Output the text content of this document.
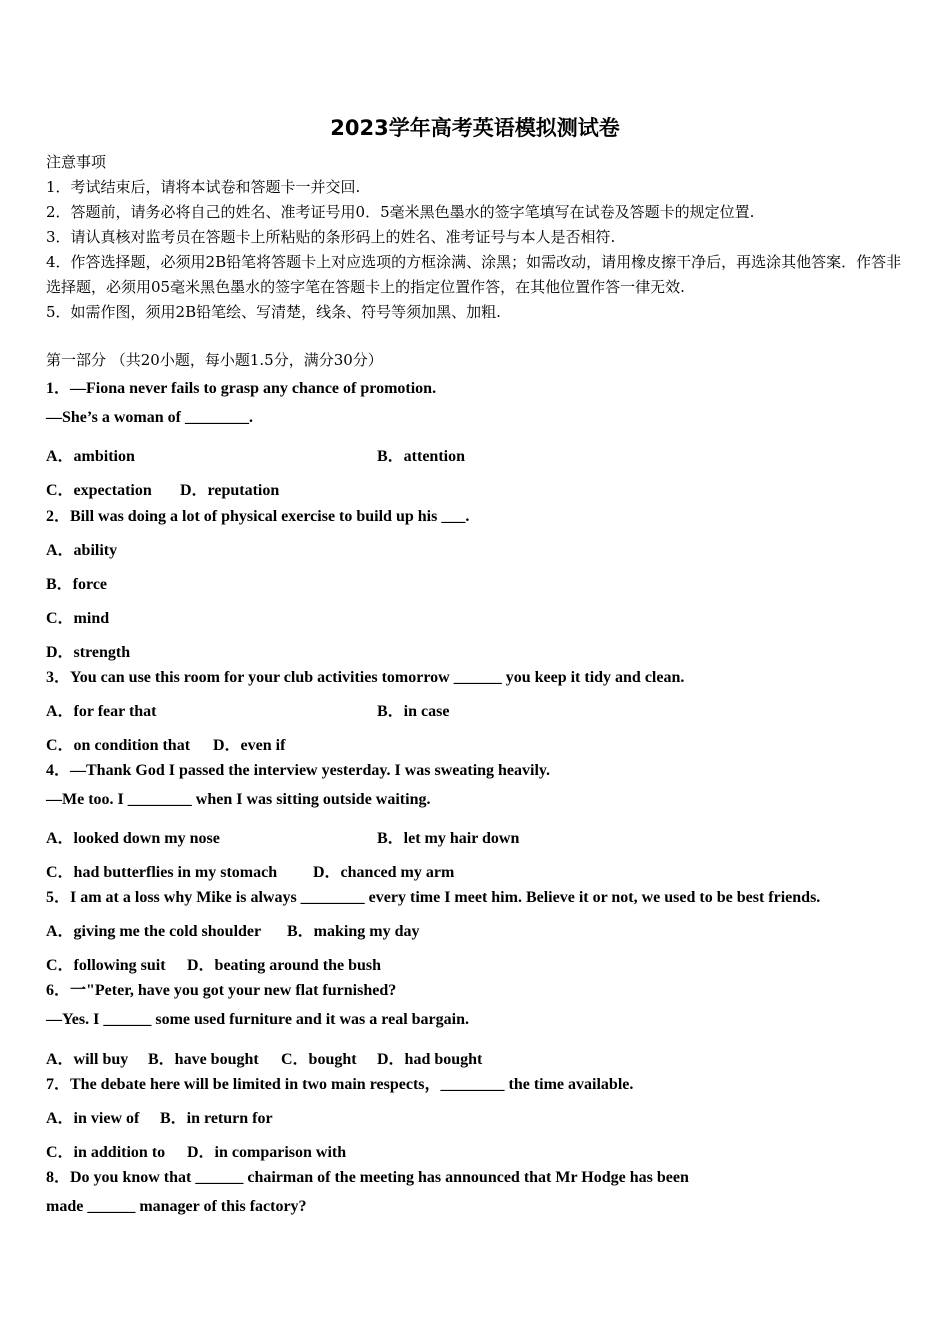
2023学年高考英语模拟测试卷
注意事项
1．考试结束后，请将本试卷和答题卡一并交回.
2．答题前，请务必将自己的姓名、准考证号用0．5毫米黑色墨水的签字笔填写在试卷及答题卡的规定位置.
3．请认真核对监考员在答题卡上所粘贴的条形码上的姓名、准考证号与本人是否相符.
4．作答选择题，必须用2B铅笔将答题卡上对应选项的方框涂满、涂黑；如需改动，请用橡皮擦干净后，再选涂其他答案．作答非选择题，必须用05毫米黑色墨水的签字笔在答题卡上的指定位置作答，在其他位置作答一律无效.
5．如需作图，须用2B铅笔绘、写清楚，线条、符号等须加黑、加粗.
第一部分 （共20小题，每小题1.5分，满分30分）
1．—Fiona never fails to grasp any chance of promotion.
—She’s a woman of ________.
A．ambition	B．attention
C．expectation D．reputation
2．Bill was doing a lot of physical exercise to build up his ___.
A．ability
B．force
C．mind
D．strength
3．You can use this room for your club activities tomorrow ______ you keep it tidy and clean.
A．for fear that	B．in case
C．on condition that D．even if
4．—Thank God I passed the interview yesterday. I was sweating heavily.
—Me too. I ________ when I was sitting outside waiting.
A．looked down my nose	B．let my hair down
C．had butterflies in my stomach D．chanced my arm
5．I am at a loss why Mike is always ________ every time I meet him. Believe it or not, we used to be best friends.
A．giving me the cold shoulder B．making my day
C．following suit D．beating around the bush
6．一"Peter, have you got your new flat furnished?
—Yes. I ______ some used furniture and it was a real bargain.
A．will buy B．have bought C．bought D．had bought
7．The debate here will be limited in two main respects，________ the time available.
A．in view of B．in return for
C．in addition to D．in comparison with
8．Do you know that ______ chairman of the meeting has announced that Mr Hodge has been
made ______ manager of this factory?
